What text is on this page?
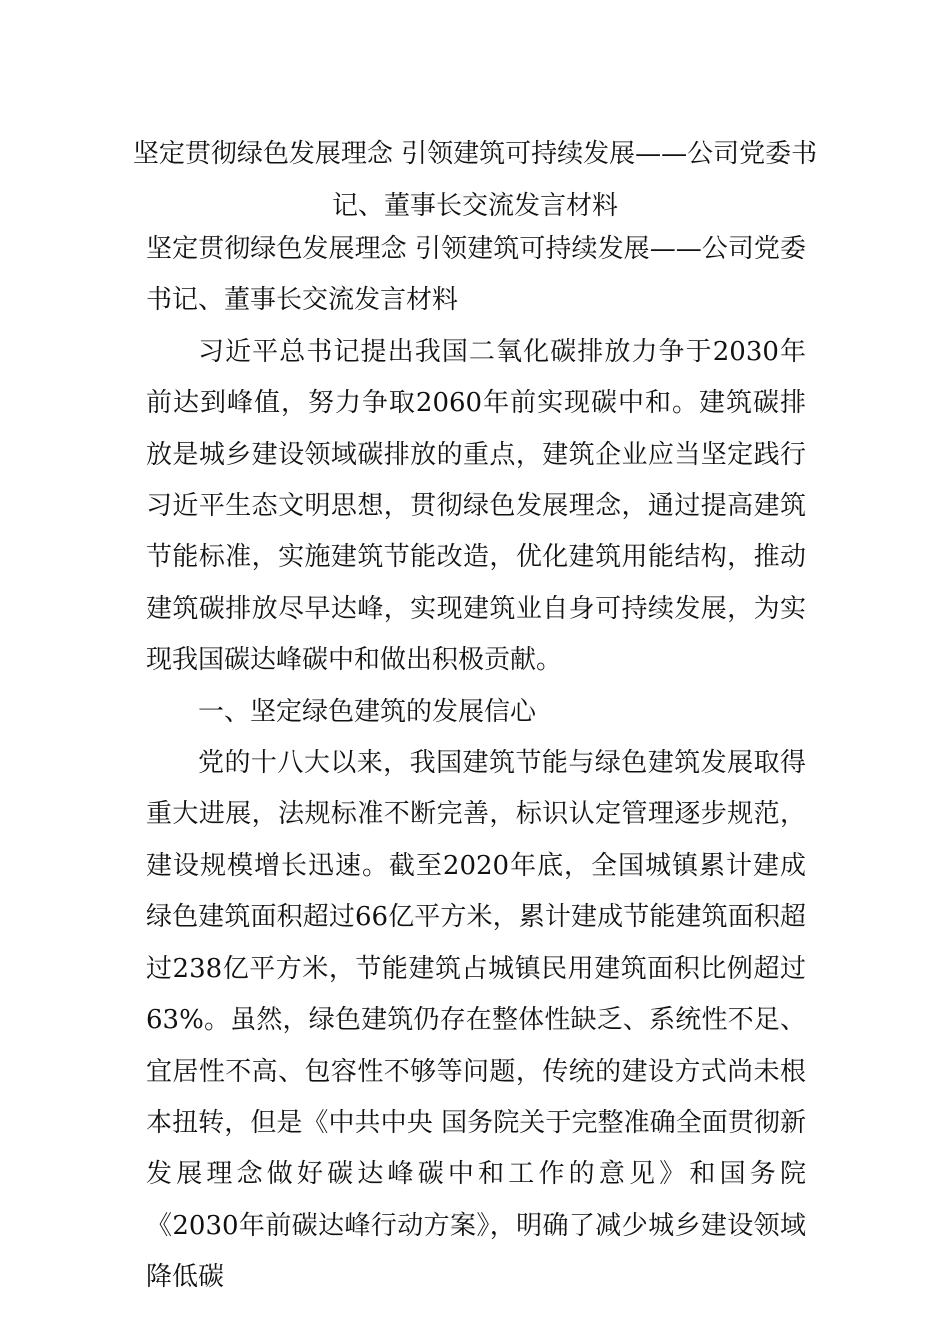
坚定贯彻绿色发展理念 引领建筑可持续发展——公司党委书记、董事长交流发言材料

坚定贯彻绿色发展理念 引领建筑可持续发展——公司党委书记、董事长交流发言材料

习近平总书记提出我国二氧化碳排放力争于2030年前达到峰值，努力争取2060年前实现碳中和。建筑碳排放是城乡建设领域碳排放的重点，建筑企业应当坚定践行习近平生态文明思想，贯彻绿色发展理念，通过提高建筑节能标准，实施建筑节能改造，优化建筑用能结构，推动建筑碳排放尽早达峰，实现建筑业自身可持续发展，为实现我国碳达峰碳中和做出积极贡献。

一、坚定绿色建筑的发展信心

党的十八大以来，我国建筑节能与绿色建筑发展取得重大进展，法规标准不断完善，标识认定管理逐步规范，建设规模增长迅速。截至2020年底，全国城镇累计建成绿色建筑面积超过66亿平方米，累计建成节能建筑面积超过238亿平方米，节能建筑占城镇民用建筑面积比例超过63%。虽然，绿色建筑仍存在整体性缺乏、系统性不足、宜居性不高、包容性不够等问题，传统的建设方式尚未根本扭转，但是《中共中央 国务院关于完整准确全面贯彻新发展理念做好碳达峰碳中和工作的意见》和国务院《2030年前碳达峰行动方案》，明确了减少城乡建设领域降低碳
